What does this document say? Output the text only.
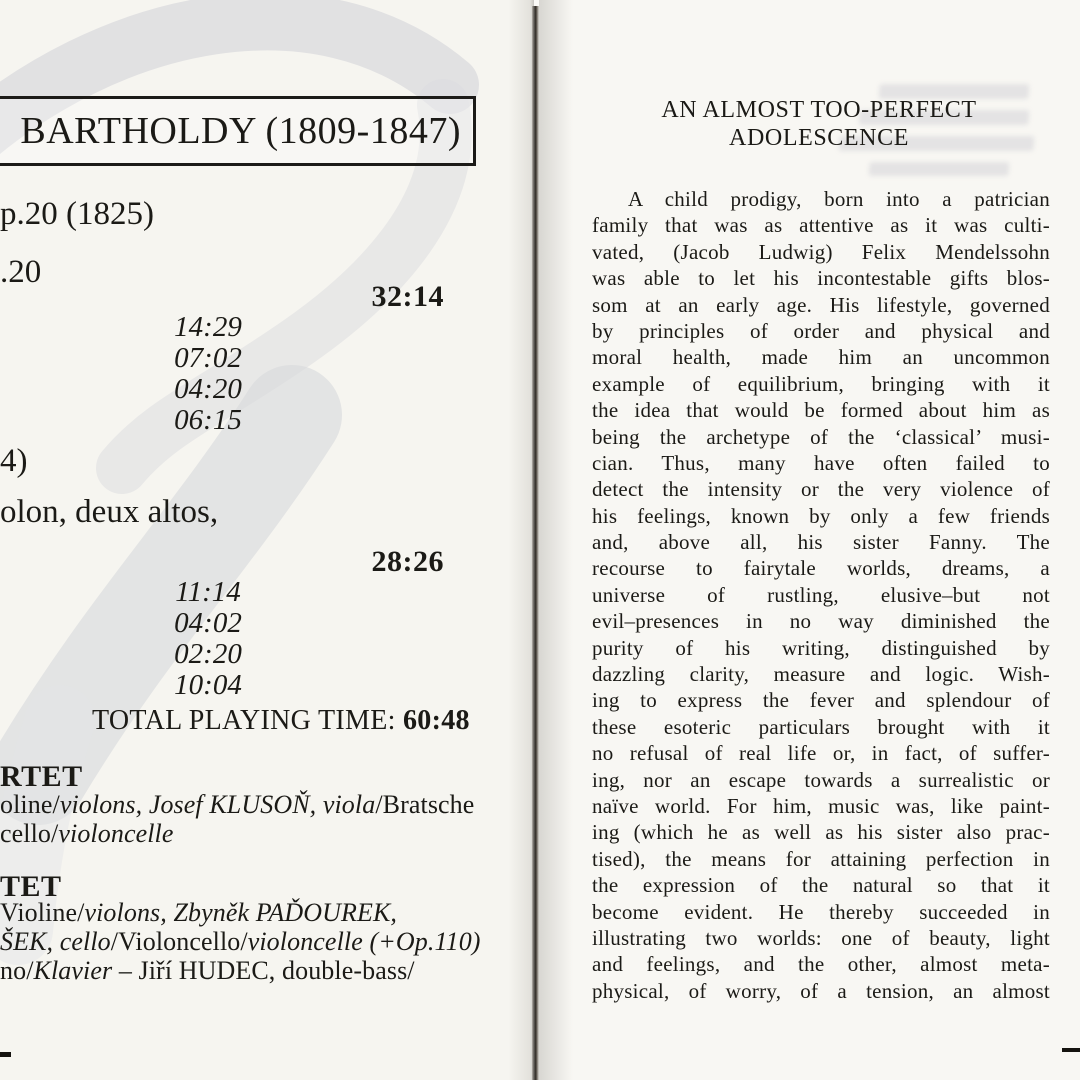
BARTHOLDY (1809-1847)
p.20 (1825)
.20
32:14
14:29
07:02
04:20
06:15
4)
olon, deux altos,
28:26
11:14
04:02
02:20
10:04
TOTAL PLAYING TIME: 60:48
RTET
oline/violons, Josef KLUSOŇ, viola/Bratsche
cello/violoncelle
TET
Violine/violons, Zbyněk PAĎOUREK,
ŠEK, cello/Violoncello/violoncelle (+Op.110)
no/Klavier – Jiří HUDEC, double-bass/
AN ALMOST TOO-PERFECT
ADOLESCENCE
A child prodigy, born into a patrician
family that was as attentive as it was culti-
vated, (Jacob Ludwig) Felix Mendelssohn
was able to let his incontestable gifts blos-
som at an early age. His lifestyle, governed
by principles of order and physical and
moral health, made him an uncommon
example of equilibrium, bringing with it
the idea that would be formed about him as
being the archetype of the ‘classical’ musi-
cian. Thus, many have often failed to
detect the intensity or the very violence of
his feelings, known by only a few friends
and, above all, his sister Fanny. The
recourse to fairytale worlds, dreams, a
universe of rustling, elusive–but not
evil–presences in no way diminished the
purity of his writing, distinguished by
dazzling clarity, measure and logic. Wish-
ing to express the fever and splendour of
these esoteric particulars brought with it
no refusal of real life or, in fact, of suffer-
ing, nor an escape towards a surrealistic or
naïve world. For him, music was, like paint-
ing (which he as well as his sister also prac-
tised), the means for attaining perfection in
the expression of the natural so that it
become evident. He thereby succeeded in
illustrating two worlds: one of beauty, light
and feelings, and the other, almost meta-
physical, of worry, of a tension, an almost
